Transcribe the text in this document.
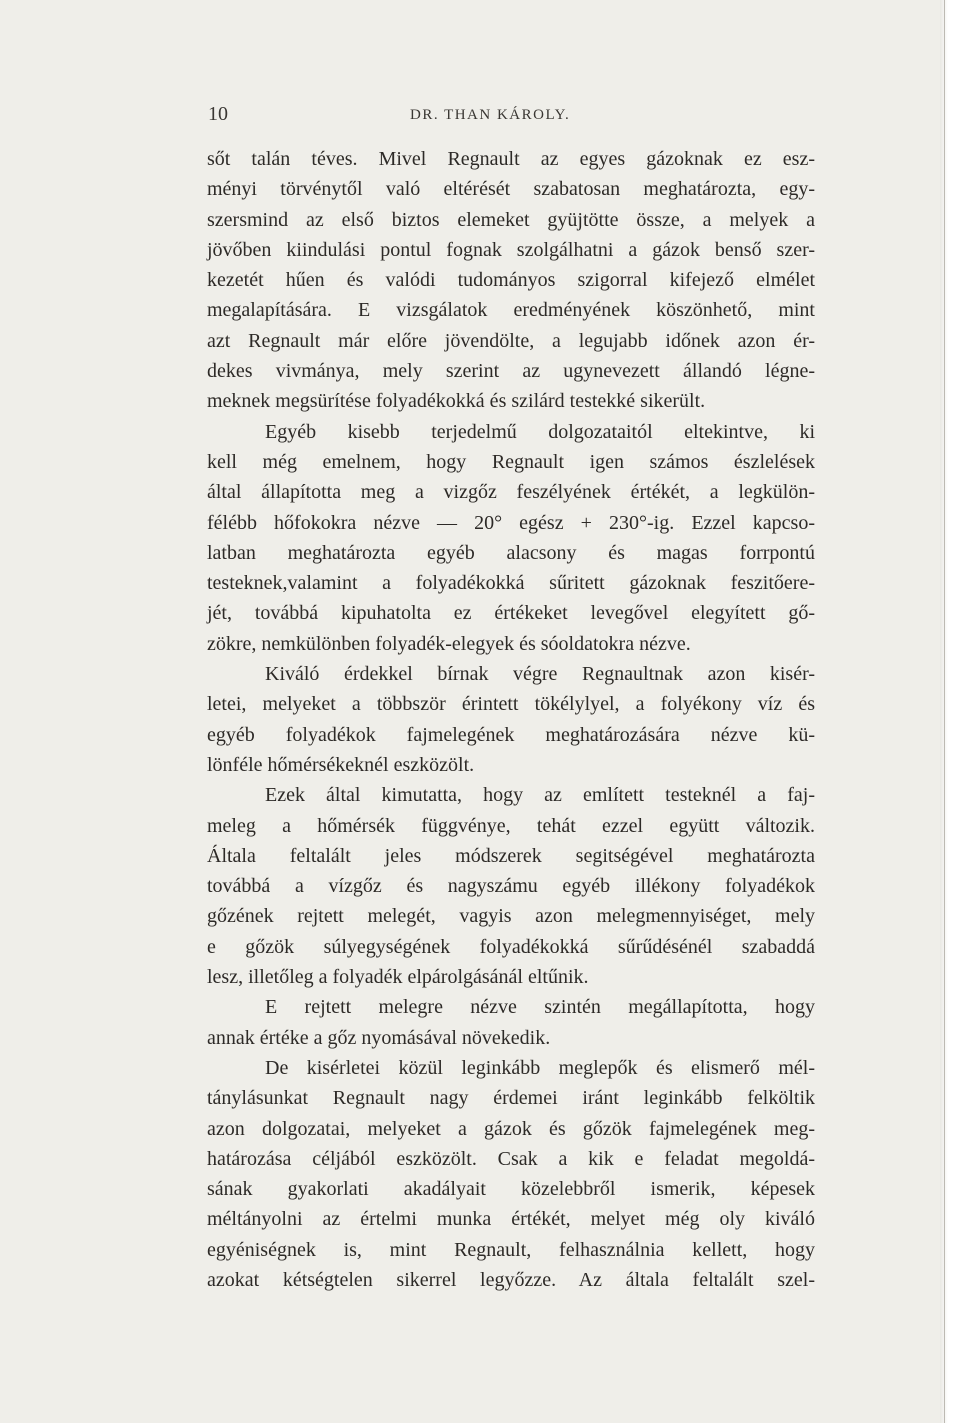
10	DR. THAN KÁROLY.
sőt talán téves. Mivel Regnault az egyes gázoknak ez esz-
ményi törvénytől való eltérését szabatosan meghatározta, egy-
szersmind az első biztos elemeket gyüjtötte össze, a melyek a
jövőben kiindulási pontul fognak szolgálhatni a gázok benső szer-
kezetét hűen és valódi tudományos szigorral kifejező elmélet
megalapítására. E vizsgálatok eredményének köszönhető, mint
azt Regnault már előre jövendölte, a legujabb időnek azon ér-
dekes vivmánya, mely szerint az ugynevezett állandó légne-
meknek megsürítése folyadékokká és szilárd testekké sikerült.
Egyéb kisebb terjedelmű dolgozataitól eltekintve, ki
kell még emelnem, hogy Regnault igen számos észlelések
által állapította meg a vizgőz feszélyének értékét, a legkülön-
félébb hőfokokra nézve — 20° egész + 230°-ig. Ezzel kapcso-
latban meghatározta egyéb alacsony és magas forrpontú
testeknek,valamint a folyadékokká sűritett gázoknak feszitőere-
jét, továbbá kipuhatolta ez értékeket levegővel elegyített gő-
zökre, nemkülönben folyadék-elegyek és sóoldatokra nézve.
Kiváló érdekkel bírnak végre Regnaultnak azon kisér-
letei, melyeket a többször érintett tökélylyel, a folyékony víz és
egyéb folyadékok fajmelegének meghatározására nézve kü-
lönféle hőmérsékeknél eszközölt.
Ezek által kimutatta, hogy az említett testeknél a faj-
meleg a hőmérsék függvénye, tehát ezzel együtt változik.
Általa feltalált jeles módszerek segitségével meghatározta
továbbá a vízgőz és nagyszámu egyéb illékony folyadékok
gőzének rejtett melegét, vagyis azon melegmennyiséget, mely
e gőzök súlyegységének folyadékokká sűrűdésénél szabaddá
lesz, illetőleg a folyadék elpárolgásánál eltűnik.
E rejtett melegre nézve szintén megállapította, hogy
annak értéke a gőz nyomásával növekedik.
De kisérletei közül leginkább meglepők és elismerő mél-
tánylásunkat Regnault nagy érdemei iránt leginkább felköltik
azon dolgozatai, melyeket a gázok és gőzök fajmelegének meg-
határozása céljából eszközölt. Csak a kik e feladat megoldá-
sának gyakorlati akadályait közelebbről ismerik, képesek
méltányolni az értelmi munka értékét, melyet még oly kiváló
egyéniségnek is, mint Regnault, felhasználnia kellett, hogy
azokat kétségtelen sikerrel legyőzze. Az általa feltalált szel-
